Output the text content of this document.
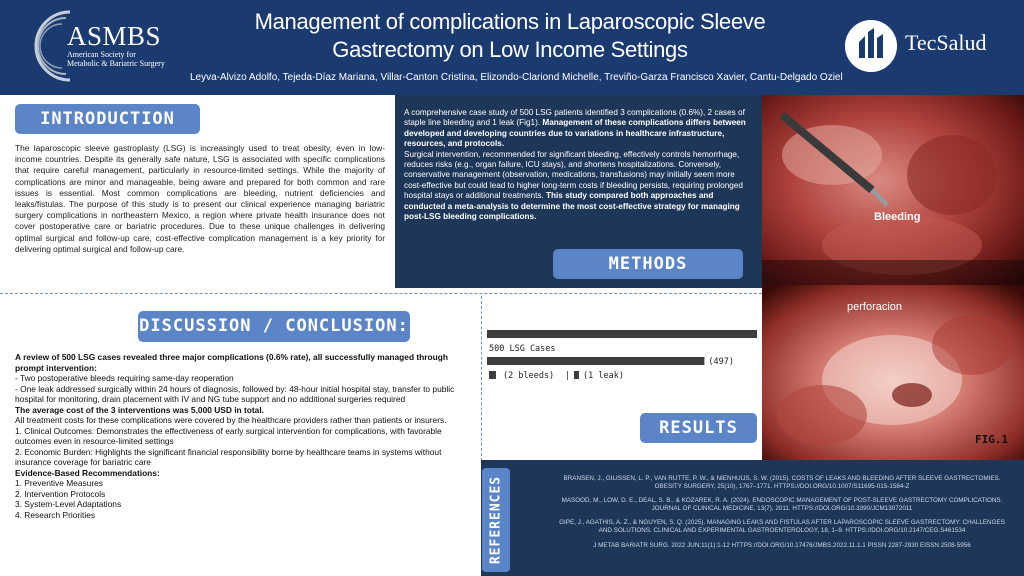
ASMBS
American Society for
Metabolic & Bariatric Surgery
Management of complications in Laparoscopic Sleeve Gastrectomy on Low Income Settings
Leyva-Alvizo Adolfo, Tejeda-Díaz Mariana, Villar-Canton Cristina, Elizondo-Clariond Michelle, Treviño-Garza Francisco Xavier, Cantu-Delgado Oziel
TecSalud
INTRODUCTION
The laparoscopic sleeve gastroplasty (LSG) is increasingly used to treat obesity, even in low-income countries. Despite its generally safe nature, LSG is associated with specific complications that require careful management, particularly in resource-limited settings. While the majority of complications are minor and manageable, being aware and prepared for both common and rare issues is essential. Most common complications are bleeding, nutrient deficiencies and leaks/fistulas. The purpose of this study is to present our clinical experience managing bariatric surgery complications in northeastern Mexico, a region where private health insurance does not cover postoperative care or bariatric procedures. Due to these unique challenges in delivering optimal surgical and follow-up care, cost-effective complication management is a key priority for delivering optimal surgical and follow-up care.
A comprehensive case study of 500 LSG patients identified 3 complications (0.6%), 2 cases of staple line bleeding and 1 leak (Fig1). Management of these complications differs between developed and developing countries due to variations in healthcare infrastructure, resources, and protocols.
Surgical intervention, recommended for significant bleeding, effectively controls hemorrhage, reduces risks (e.g., organ failure, ICU stays), and shortens hospitalizations. Conversely, conservative management (observation, medications, transfusions) may initially seem more cost-effective but could lead to higher long-term costs if bleeding persists, requiring prolonged hospital stays or additional treatments. This study compared both approaches and conducted a meta-analysis to determine the most cost-effective strategy for managing post-LSG bleeding complications.
METHODS
Bleeding
perforacion
FIG.1
DISCUSSION / CONCLUSION:

A review of 500 LSG cases revealed three major complications (0.6% rate), all successfully managed through prompt intervention:

- Two postoperative bleeds requiring same-day reoperation

- One leak addressed surgically within 24 hours of diagnosis, followed by: 48-hour initial hospital stay, transfer to public hospital for monitoring, drain placement with IV and NG tube support and no additional surgeries required

The average cost of the 3 interventions was 5,000 USD in total.

All treatment costs for these complications were covered by the healthcare providers rather than patients or insurers.

1. Clinical Outcomes: Demonstrates the effectiveness of early surgical intervention for complications, with favorable outcomes even in resource-limited settings

2. Economic Burden: Highlights the significant financial responsibility borne by healthcare teams in systems without insurance coverage for bariatric care

Evidence-Based Recommendations:

1. Preventive Measures

2. Intervention Protocols

3. System-Level Adaptations

4. Research Priorities

500 LSG Cases
(497)
(2 bleeds) | (1 leak)
RESULTS
REFERENCES	BRANSEN, J., GILISSEN, L. P., VAN RUTTE, P. W., & NIENHUIJS, S. W. (2015). COSTS OF LEAKS AND BLEEDING AFTER SLEEVE GASTRECTOMIES. OBESITY SURGERY, 25(10), 1767–1771. HTTPS://DOI.ORG/10.1007/S11695-015-1584-Z
MASOOD, M., LOW, D. E., DEAL, S. B., & KOZAREK, R. A. (2024). ENDOSCOPIC MANAGEMENT OF POST-SLEEVE GASTRECTOMY COMPLICATIONS. JOURNAL OF CLINICAL MEDICINE, 13(7), 2011. HTTPS://DOI.ORG/10.3390/JCM13072011
GIPE, J., AGATHIS, A. Z., & NGUYEN, S. Q. (2025). MANAGING LEAKS AND FISTULAS AFTER LAPAROSCOPIC SLEEVE GASTRECTOMY: CHALLENGES AND SOLUTIONS. CLINICAL AND EXPERIMENTAL GASTROENTEROLOGY, 18, 1–9. HTTPS://DOI.ORG/10.2147/CEG.S461534
J METAB BARIATR SURG. 2022 JUN;11(1):1-12 HTTPS://DOI.ORG/10.17476/JMBS.2022.11.1.1 PISSN 2287-2930 EISSN 2508-5956
